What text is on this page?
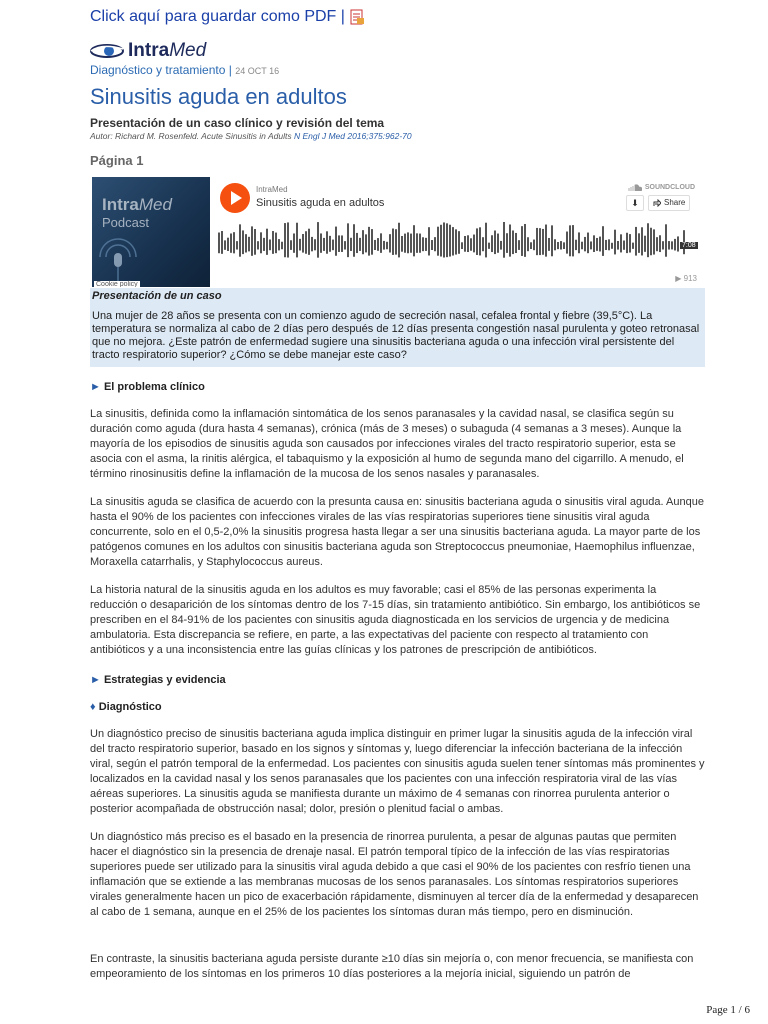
Click aquí para guardar como PDF |
IntraMed
Diagnóstico y tratamiento | 24 OCT 16
Sinusitis aguda en adultos
Presentación de un caso clínico y revisión del tema
Autor: Richard M. Rosenfeld. Acute Sinusitis in Adults N Engl J Med 2016;375:962-70
Página 1
IntraMed
Podcast
Cookie policy
IntraMed
Sinusitis aguda en adultos
SOUNDCLOUD
⬇	Share
7:08
▶ 913
Presentación de un caso

Una mujer de 28 años se presenta con un comienzo agudo de secreción nasal, cefalea frontal y fiebre (39,5°C). La temperatura se normaliza al cabo de 2 días pero después de 12 días presenta congestión nasal purulenta y goteo retronasal que no mejora. ¿Este patrón de enfermedad sugiere una sinusitis bacteriana aguda o una infección viral persistente del tracto respiratorio superior? ¿Cómo se debe manejar este caso?

► El problema clínico

La sinusitis, definida como la inflamación sintomática de los senos paranasales y la cavidad nasal, se clasifica según su duración como aguda (dura hasta 4 semanas), crónica (más de 3 meses) o subaguda (4 semanas a 3 meses). Aunque la mayoría de los episodios de sinusitis aguda son causados por infecciones virales del tracto respiratorio superior, esta se asocia con el asma, la rinitis alérgica, el tabaquismo y la exposición al humo de segunda mano del cigarrillo. A menudo, el término rinosinusitis define la inflamación de la mucosa de los senos nasales y paranasales.

La sinusitis aguda se clasifica de acuerdo con la presunta causa en: sinusitis bacteriana aguda o sinusitis viral aguda. Aunque hasta el 90% de los pacientes con infecciones virales de las vías respiratorias superiores tiene sinusitis viral aguda concurrente, solo en el 0,5-2,0% la sinusitis progresa hasta llegar a ser una sinusitis bacteriana aguda. La mayor parte de los patógenos comunes en los adultos con sinusitis bacteriana aguda son Streptococcus pneumoniae, Haemophilus influenzae, Moraxella catarrhalis, y Staphylococcus aureus.

La historia natural de la sinusitis aguda en los adultos es muy favorable; casi el 85% de las personas experimenta la reducción o desaparición de los síntomas dentro de los 7-15 días, sin tratamiento antibiótico. Sin embargo, los antibióticos se prescriben en el 84-91% de los pacientes con sinusitis aguda diagnosticada en los servicios de urgencia y de medicina ambulatoria. Esta discrepancia se refiere, en parte, a las expectativas del paciente con respecto al tratamiento con antibióticos y a una inconsistencia entre las guías clínicas y los patrones de prescripción de antibióticos.

► Estrategias y evidencia
♦ Diagnóstico

Un diagnóstico preciso de sinusitis bacteriana aguda implica distinguir en primer lugar la sinusitis aguda de la infección viral del tracto respiratorio superior, basado en los signos y síntomas y, luego diferenciar la infección bacteriana de la infección viral, según el patrón temporal de la enfermedad. Los pacientes con sinusitis aguda suelen tener síntomas más prominentes y localizados en la cavidad nasal y los senos paranasales que los pacientes con una infección respiratoria viral de las vías aéreas superiores. La sinusitis aguda se manifiesta durante un máximo de 4 semanas con rinorrea purulenta anterior o posterior acompañada de obstrucción nasal; dolor, presión o plenitud facial o ambas.

Un diagnóstico más preciso es el basado en la presencia de rinorrea purulenta, a pesar de algunas pautas que permiten hacer el diagnóstico sin la presencia de drenaje nasal. El patrón temporal típico de la infección de las vías respiratorias superiores puede ser utilizado para la sinusitis viral aguda debido a que casi el 90% de los pacientes con resfrío tienen una inflamación que se extiende a las membranas mucosas de los senos paranasales. Los síntomas respiratorios superiores virales generalmente hacen un pico de exacerbación rápidamente, disminuyen al tercer día de la enfermedad y desaparecen al cabo de 1 semana, aunque en el 25% de los pacientes los síntomas duran más tiempo, pero en disminución.

En contraste, la sinusitis bacteriana aguda persiste durante ≥10 días sin mejoría o, con menor frecuencia, se manifiesta con empeoramiento de los síntomas en los primeros 10 días posteriores a la mejoría inicial, siguiendo un patrón de

Page 1 / 6
